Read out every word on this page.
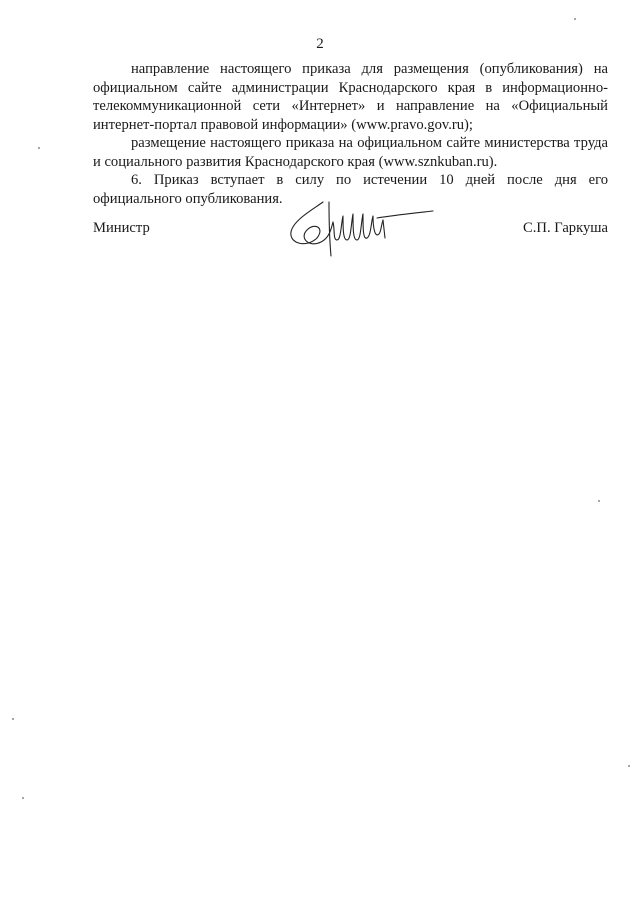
2

направление настоящего приказа для размещения (опубликования) на официальном сайте администрации Краснодарского края в информационно-телекоммуникационной сети «Интернет» и направление на «Официальный интернет-портал правовой информации» (www.pravo.gov.ru);

размещение настоящего приказа на официальном сайте министерства труда и социального развития Краснодарского края (www.sznkuban.ru).

6. Приказ вступает в силу по истечении 10 дней после дня его официального опубликования.

Министр	С.П. Гаркуша
